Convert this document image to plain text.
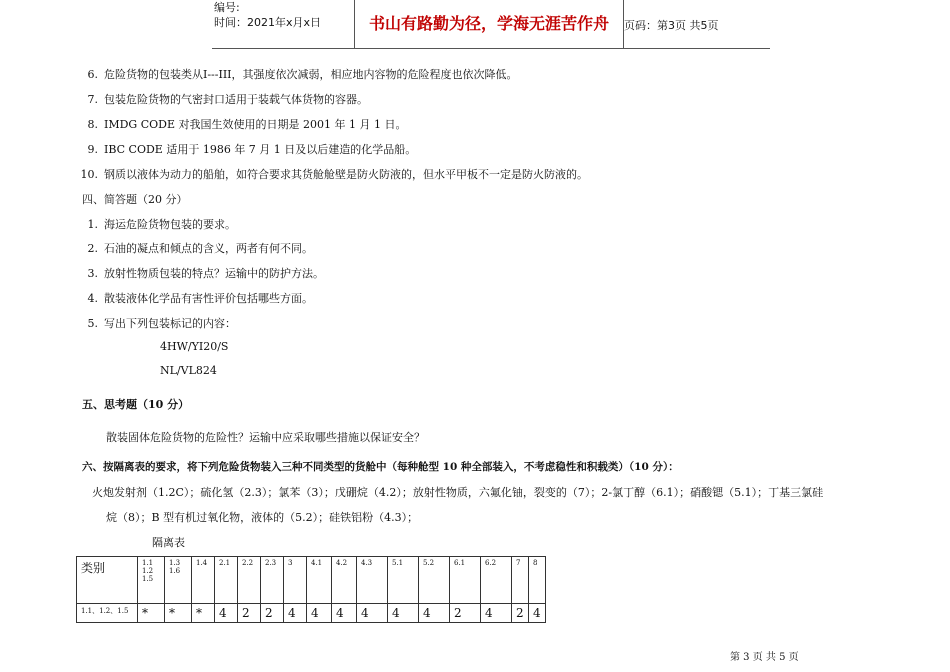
编号:
时间：2021年x月x日	书山有路勤为径，学海无涯苦作舟	页码：第3页 共5页
6. 危险货物的包装类从I---III，其强度依次减弱，相应地内容物的危险程度也依次降低。
7. 包装危险货物的气密封口适用于装载气体货物的容器。
8. IMDG CODE 对我国生效使用的日期是 2001 年 1 月 1 日。
9. IBC CODE 适用于 1986 年 7 月 1 日及以后建造的化学品船。
10. 钢质以液体为动力的船舶，如符合要求其货舱舱壁是防火防液的，但水平甲板不一定是防火防液的。
四、简答题（20 分）
1. 海运危险货物包装的要求。
2. 石油的凝点和倾点的含义，两者有何不同。
3. 放射性物质包装的特点？运输中的防护方法。
4. 散装液体化学品有害性评价包括哪些方面。
5. 写出下列包装标记的内容：
4HW/YI20/S
NL/VL824
五、思考题（10 分）
散装固体危险货物的危险性？运输中应采取哪些措施以保证安全？
六、按隔离表的要求，将下列危险货物装入三种不同类型的货舱中（每种舱型 10 种全部装入，不考虑稳性和积载类）（10 分）：
火炮发射剂（1.2C）；硫化氢（2.3）；氯苯（3）；戊硼烷（4.2）；放射性物质，六氟化铀，裂变的（7）；2-氯丁醇（6.1）；硝酸锶（5.1）；丁基三氯硅
烷（8）；B 型有机过氧化物，液体的（5.2）；硅铁铝粉（4.3）；
隔离表
类别	1.1
1.2
1.5	1.3
1.6	1.4	2.1	2.2	2.3	3	4.1	4.2	4.3	5.1	5.2	6.1	6.2	7	8
1.1、1.2、1.5	*	*	*	4	2	2	4	4	4	4	4	4	2	4	2	4
第 3 页 共 5 页
